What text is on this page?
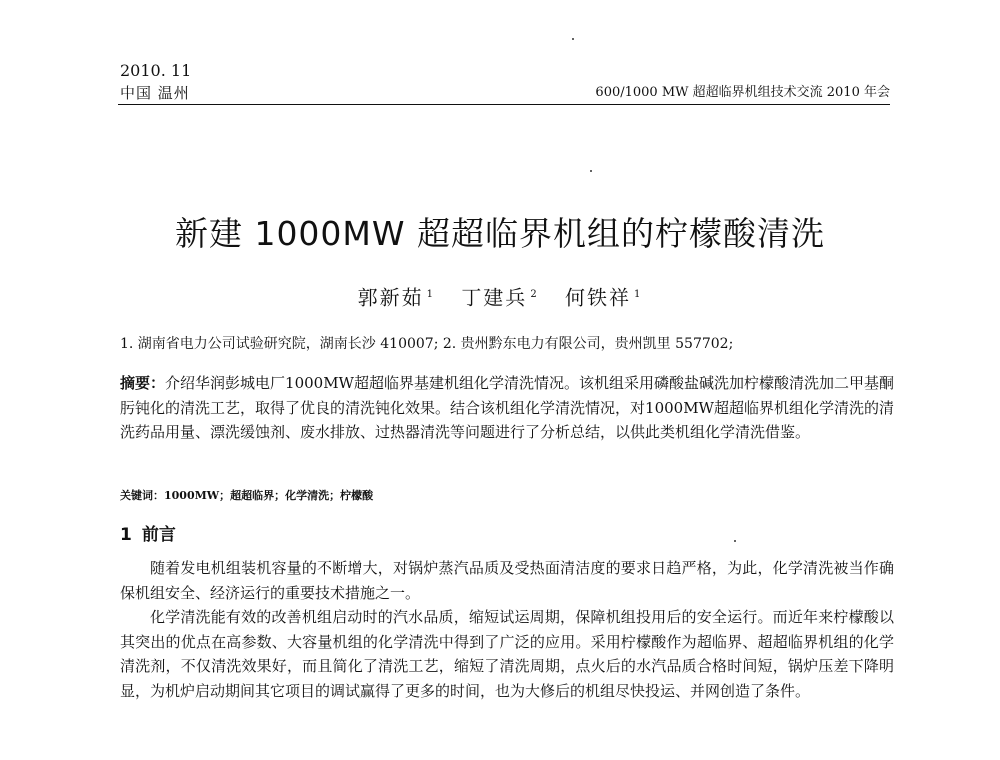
2010. 11
中国 温州	600/1000 MW 超超临界机组技术交流 2010 年会
新建 1000MW 超超临界机组的柠檬酸清洗
郭新茹 $^1$ 丁建兵 $^2$ 何铁祥 $^1$
1. 湖南省电力公司试验研究院，湖南长沙 410007; 2. 贵州黔东电力有限公司，贵州凯里 557702;
摘要：介绍华润彭城电厂1000MW超超临界基建机组化学清洗情况。该机组采用磷酸盐碱洗加柠檬酸清洗加二甲基酮肟钝化的清洗工艺，取得了优良的清洗钝化效果。结合该机组化学清洗情况，对1000MW超超临界机组化学清洗的清洗药品用量、漂洗缓蚀剂、废水排放、过热器清洗等问题进行了分析总结，以供此类机组化学清洗借鉴。
关键词：1000MW；超超临界；化学清洗；柠檬酸
1 前言

随着发电机组装机容量的不断增大，对锅炉蒸汽品质及受热面清洁度的要求日趋严格，为此，化学清洗被当作确保机组安全、经济运行的重要技术措施之一。

化学清洗能有效的改善机组启动时的汽水品质，缩短试运周期，保障机组投用后的安全运行。而近年来柠檬酸以其突出的优点在高参数、大容量机组的化学清洗中得到了广泛的应用。采用柠檬酸作为超临界、超超临界机组的化学清洗剂，不仅清洗效果好，而且简化了清洗工艺，缩短了清洗周期，点火后的水汽品质合格时间短，锅炉压差下降明显，为机炉启动期间其它项目的调试赢得了更多的时间，也为大修后的机组尽快投运、并网创造了条件。
